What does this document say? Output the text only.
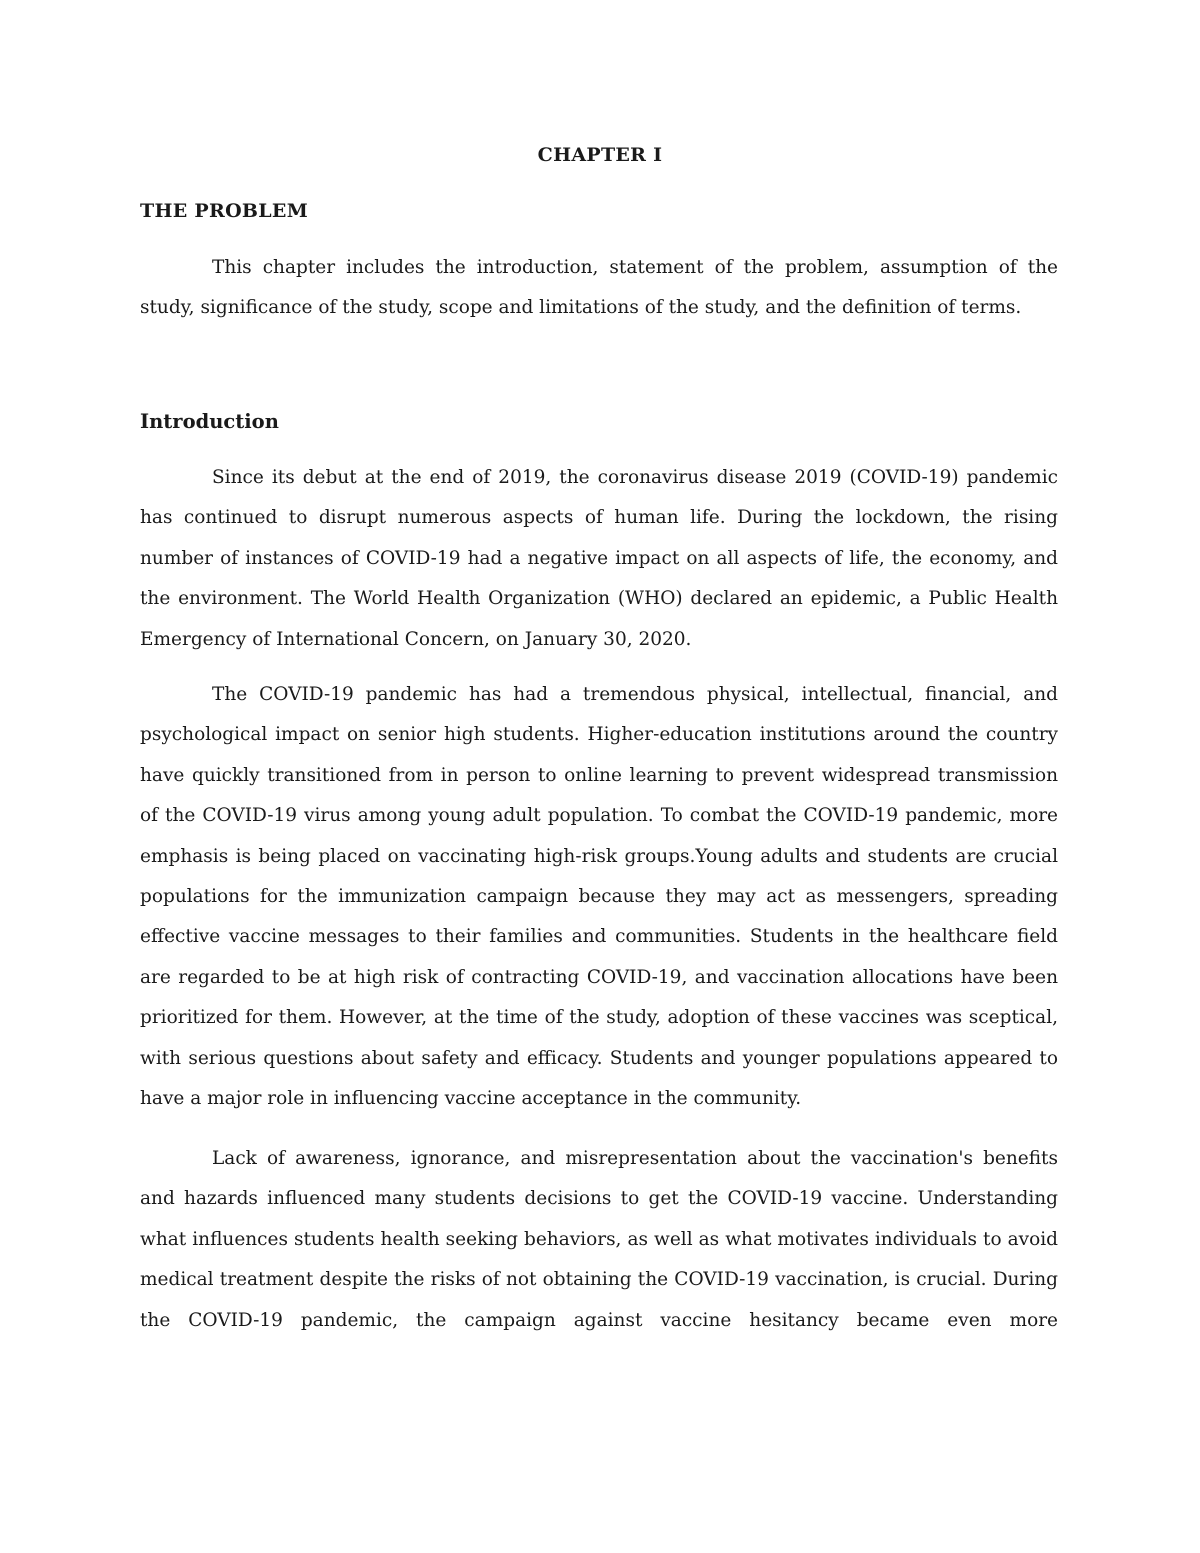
CHAPTER I
THE PROBLEM

This chapter includes the introduction, statement of the problem, assumption of the study, significance of the study, scope and limitations of the study, and the definition of terms.

Introduction

Since its debut at the end of 2019, the coronavirus disease 2019 (COVID-19) pandemic has continued to disrupt numerous aspects of human life. During the lockdown, the rising number of instances of COVID-19 had a negative impact on all aspects of life, the economy, and the environment. The World Health Organization (WHO) declared an epidemic, a Public Health Emergency of International Concern, on January 30, 2020.

The COVID-19 pandemic has had a tremendous physical, intellectual, financial, and psychological impact on senior high students. Higher-education institutions around the country have quickly transitioned from in person to online learning to prevent widespread transmission of the COVID-19 virus among young adult population. To combat the COVID-19 pandemic, more emphasis is being placed on vaccinating high-risk groups.Young adults and students are crucial populations for the immunization campaign because they may act as messengers, spreading effective vaccine messages to their families and communities. Students in the healthcare field are regarded to be at high risk of contracting COVID-19, and vaccination allocations have been prioritized for them. However, at the time of the study, adoption of these vaccines was sceptical, with serious questions about safety and efficacy. Students and younger populations appeared to have a major role in influencing vaccine acceptance in the community.

Lack of awareness, ignorance, and misrepresentation about the vaccination's benefits and hazards influenced many students decisions to get the COVID-19 vaccine. Understanding what influences students health seeking behaviors, as well as what motivates individuals to avoid medical treatment despite the risks of not obtaining the COVID-19 vaccination, is crucial. During the COVID-19 pandemic, the campaign against vaccine hesitancy became even more
